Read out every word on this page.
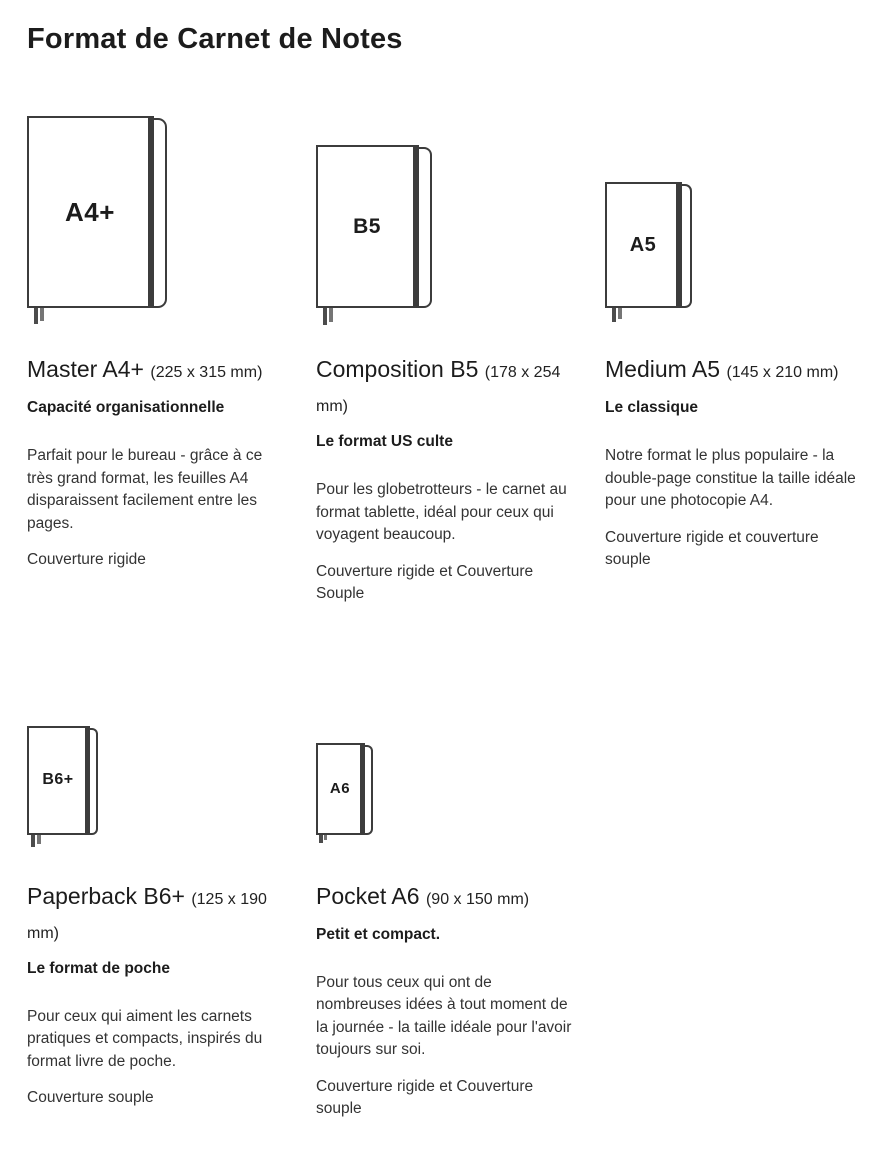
Format de Carnet de Notes
A4+
Master A4+ (225 x 315 mm)

Capacité organisationnelle

Parfait pour le bureau - grâce à ce très grand format, les feuilles A4 disparaissent facilement entre les pages.

Couverture rigide

B5
Composition B5 (178 x 254 mm)

Le format US culte

Pour les globetrotteurs - le carnet au format tablette, idéal pour ceux qui voyagent beaucoup.

Couverture rigide et Couverture Souple

A5
Medium A5 (145 x 210 mm)

Le classique

Notre format le plus populaire - la double-page constitue la taille idéale pour une photocopie A4.

Couverture rigide et couverture souple

B6+
Paperback B6+ (125 x 190 mm)

Le format de poche

Pour ceux qui aiment les carnets pratiques et compacts, inspirés du format livre de poche.

Couverture souple

A6
Pocket A6 (90 x 150 mm)

Petit et compact.

Pour tous ceux qui ont de nombreuses idées à tout moment de la journée - la taille idéale pour l'avoir toujours sur soi.

Couverture rigide et Couverture souple
